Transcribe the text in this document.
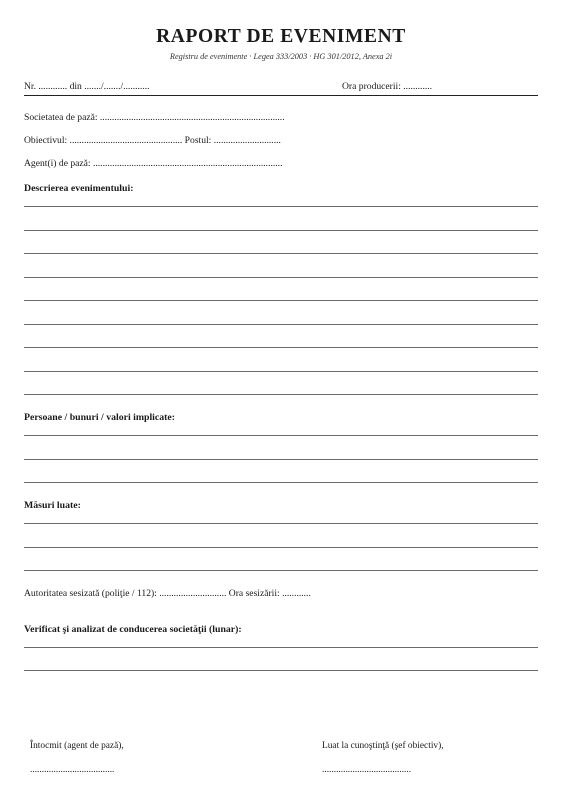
RAPORT DE EVENIMENT
Registru de evenimente · Legea 333/2003 · HG 301/2012, Anexa 2i
Nr. ............ din ......./......./...........	Ora producerii: ............
Societatea de pază: .............................................................................
Obiectivul: ............................................... Postul: ............................
Agent(i) de pază: ...............................................................................
Descrierea evenimentului:
Persoane / bunuri / valori implicate:
Măsuri luate:
Autoritatea sesizată (poliţie / 112): ............................ Ora sesizării: ............
Verificat şi analizat de conducerea societăţii (lunar):
Întocmit (agent de pază),
....................................
Luat la cunoştinţă (şef obiectiv),
......................................
